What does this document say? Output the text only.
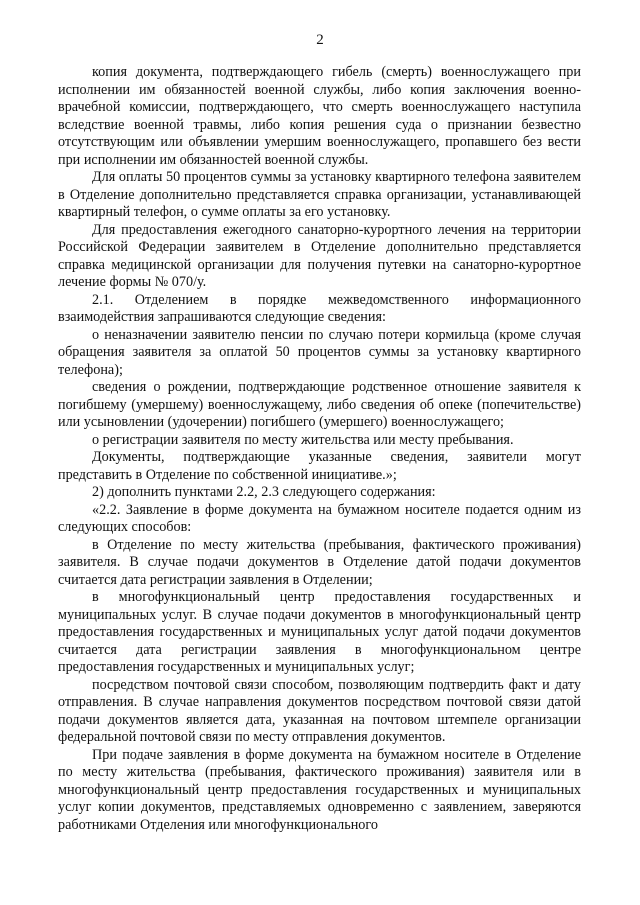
2

копия документа, подтверждающего гибель (смерть) военнослужащего при исполнении им обязанностей военной службы, либо копия заключения военно-врачебной комиссии, подтверждающего, что смерть военнослужащего наступила вследствие военной травмы, либо копия решения суда о признании безвестно отсутствующим или объявлении умершим военнослужащего, пропавшего без вести при исполнении им обязанностей военной службы.

Для оплаты 50 процентов суммы за установку квартирного телефона заявителем в Отделение дополнительно представляется справка организации, устанавливающей квартирный телефон, о сумме оплаты за его установку.

Для предоставления ежегодного санаторно-курортного лечения на территории Российской Федерации заявителем в Отделение дополнительно представляется справка медицинской организации для получения путевки на санаторно-курортное лечение формы № 070/у.

2.1. Отделением в порядке межведомственного информационного взаимодействия запрашиваются следующие сведения:

о неназначении заявителю пенсии по случаю потери кормильца (кроме случая обращения заявителя за оплатой 50 процентов суммы за установку квартирного телефона);

сведения о рождении, подтверждающие родственное отношение заявителя к погибшему (умершему) военнослужащему, либо сведения об опеке (попечительстве) или усыновлении (удочерении) погибшего (умершего) военнослужащего;

о регистрации заявителя по месту жительства или месту пребывания.

Документы, подтверждающие указанные сведения, заявители могут представить в Отделение по собственной инициативе.»;

2) дополнить пунктами 2.2, 2.3 следующего содержания:

«2.2. Заявление в форме документа на бумажном носителе подается одним из следующих способов:

в Отделение по месту жительства (пребывания, фактического проживания) заявителя. В случае подачи документов в Отделение датой подачи документов считается дата регистрации заявления в Отделении;

в многофункциональный центр предоставления государственных и муниципальных услуг. В случае подачи документов в многофункциональный центр предоставления государственных и муниципальных услуг датой подачи документов считается дата регистрации заявления в многофункциональном центре предоставления государственных и муниципальных услуг;

посредством почтовой связи способом, позволяющим подтвердить факт и дату отправления. В случае направления документов посредством почтовой связи датой подачи документов является дата, указанная на почтовом штемпеле организации федеральной почтовой связи по месту отправления документов.

При подаче заявления в форме документа на бумажном носителе в Отделение по месту жительства (пребывания, фактического проживания) заявителя или в многофункциональный центр предоставления государственных и муниципальных услуг копии документов, представляемых одновременно с заявлением, заверяются работниками Отделения или многофункционального
